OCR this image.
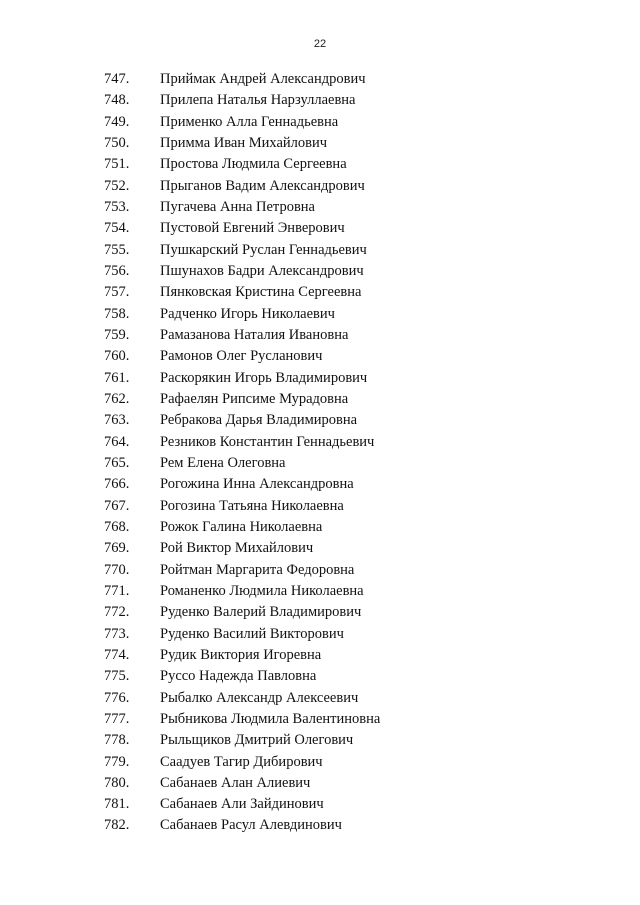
22
747. Приймак Андрей Александрович
748. Прилепа Наталья Нарзуллаевна
749. Применко Алла Геннадьевна
750. Примма Иван Михайлович
751. Простова Людмила Сергеевна
752. Прыганов Вадим Александрович
753. Пугачева Анна Петровна
754. Пустовой Евгений Энверович
755. Пушкарский Руслан Геннадьевич
756. Пшунахов Бадри Александрович
757. Пянковская Кристина Сергеевна
758. Радченко Игорь Николаевич
759. Рамазанова Наталия Ивановна
760. Рамонов Олег Русланович
761. Раскорякин Игорь Владимирович
762. Рафаелян Рипсиме Мурадовна
763. Ребракова Дарья Владимировна
764. Резников Константин Геннадьевич
765. Рем Елена Олеговна
766. Рогожина Инна Александровна
767. Рогозина Татьяна Николаевна
768. Рожок Галина Николаевна
769. Рой Виктор Михайлович
770. Ройтман Маргарита Федоровна
771. Романенко Людмила Николаевна
772. Руденко Валерий Владимирович
773. Руденко Василий Викторович
774. Рудик Виктория Игоревна
775. Руссо Надежда Павловна
776. Рыбалко Александр Алексеевич
777. Рыбникова Людмила Валентиновна
778. Рыльщиков Дмитрий Олегович
779. Саадуев Тагир Дибирович
780. Сабанаев Алан Алиевич
781. Сабанаев Али Зайдинович
782. Сабанаев Расул Алевдинович
